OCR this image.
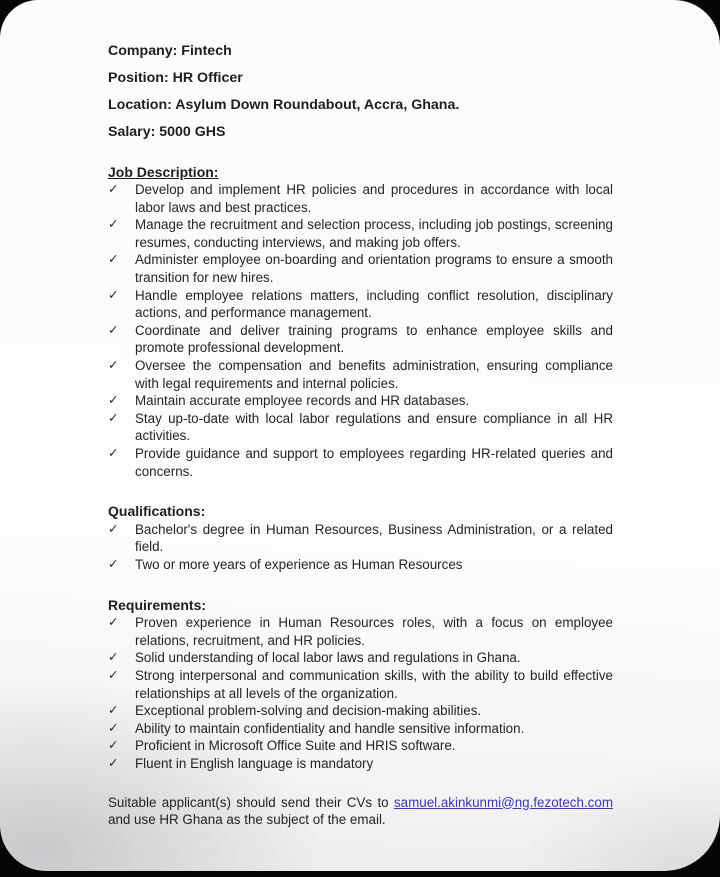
Company: Fintech

Position: HR Officer

Location: Asylum Down Roundabout, Accra, Ghana.

Salary: 5000 GHS

Job Description:
✓	Develop and implement HR policies and procedures in accordance with local labor laws and best practices.
✓	Manage the recruitment and selection process, including job postings, screening resumes, conducting interviews, and making job offers.
✓	Administer employee on-boarding and orientation programs to ensure a smooth transition for new hires.
✓	Handle employee relations matters, including conflict resolution, disciplinary actions, and performance management.
✓	Coordinate and deliver training programs to enhance employee skills and promote professional development.
✓	Oversee the compensation and benefits administration, ensuring compliance with legal requirements and internal policies.
✓	Maintain accurate employee records and HR databases.
✓	Stay up-to-date with local labor regulations and ensure compliance in all HR activities.
✓	Provide guidance and support to employees regarding HR-related queries and concerns.
Qualifications:
✓	Bachelor's degree in Human Resources, Business Administration, or a related field.
✓	Two or more years of experience as Human Resources
Requirements:
✓	Proven experience in Human Resources roles, with a focus on employee relations, recruitment, and HR policies.
✓	Solid understanding of local labor laws and regulations in Ghana.
✓	Strong interpersonal and communication skills, with the ability to build effective relationships at all levels of the organization.
✓	Exceptional problem-solving and decision-making abilities.
✓	Ability to maintain confidentiality and handle sensitive information.
✓	Proficient in Microsoft Office Suite and HRIS software.
✓	Fluent in English language is mandatory

Suitable applicant(s) should send their CVs to samuel.akinkunmi@ng.fezotech.com and use HR Ghana as the subject of the email.
